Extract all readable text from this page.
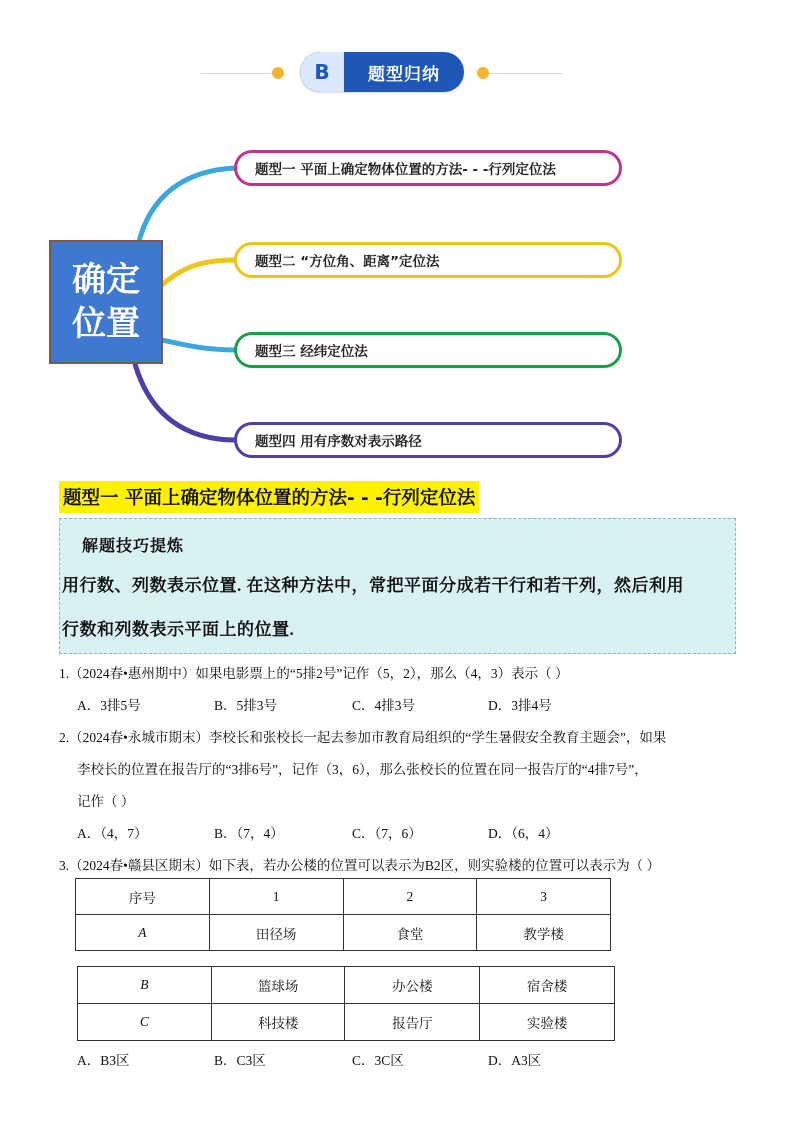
B	题型归纳
确定
位置
题型一 平面上确定物体位置的方法- - -行列定位法
题型二 “方位角、距离”定位法
题型三 经纬定位法
题型四 用有序数对表示路径
题型一 平面上确定物体位置的方法- - -行列定位法
解题技巧提炼
用行数、列数表示位置. 在这种方法中，常把平面分成若干行和若干列，然后利用
行数和列数表示平面上的位置.
1.（2024春•惠州期中）如果电影票上的“5排2号”记作（5，2），那么（4，3）表示（ ）
A．3排5号	B．5排3号	C．4排3号	D．3排4号
2.（2024春•永城市期末）李校长和张校长一起去参加市教育局组织的“学生暑假安全教育主题会”，如果
李校长的位置在报告厅的“3排6号”，记作（3，6），那么张校长的位置在同一报告厅的“4排7号”，
记作（ ）
A．（4，7）	B．（7，4）	C．（7，6）	D．（6，4）
3.（2024春•赣县区期末）如下表，若办公楼的位置可以表示为B2区，则实验楼的位置可以表示为（ ）
序号	1	2	3
A	田径场	食堂	教学楼
B	篮球场	办公楼	宿舍楼
C	科技楼	报告厅	实验楼
A．B3区	B．C3区	C．3C区	D．A3区
